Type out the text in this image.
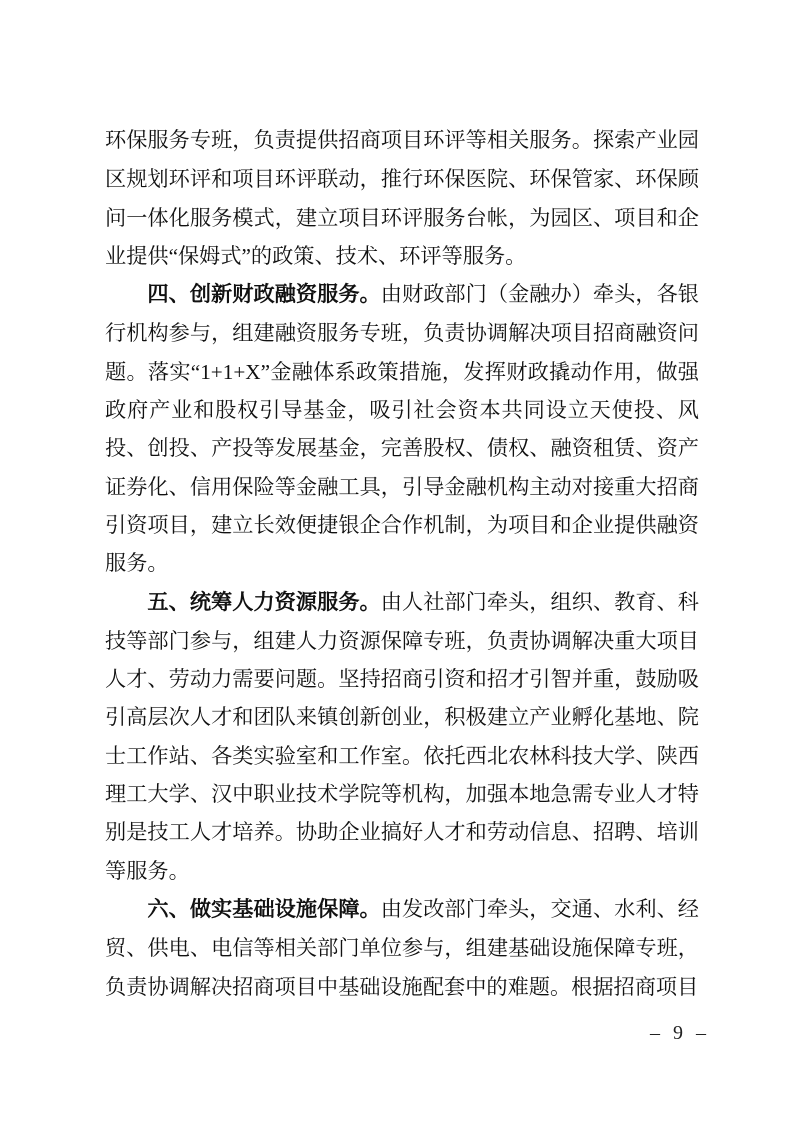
环保服务专班，负责提供招商项目环评等相关服务。探索产业园区规划环评和项目环评联动，推行环保医院、环保管家、环保顾问一体化服务模式，建立项目环评服务台帐，为园区、项目和企业提供“保姆式”的政策、技术、环评等服务。

四、创新财政融资服务。由财政部门（金融办）牵头，各银行机构参与，组建融资服务专班，负责协调解决项目招商融资问题。落实“1+1+X”金融体系政策措施，发挥财政撬动作用，做强政府产业和股权引导基金，吸引社会资本共同设立天使投、风投、创投、产投等发展基金，完善股权、债权、融资租赁、资产证券化、信用保险等金融工具，引导金融机构主动对接重大招商引资项目，建立长效便捷银企合作机制，为项目和企业提供融资服务。

五、统筹人力资源服务。由人社部门牵头，组织、教育、科技等部门参与，组建人力资源保障专班，负责协调解决重大项目人才、劳动力需要问题。坚持招商引资和招才引智并重，鼓励吸引高层次人才和团队来镇创新创业，积极建立产业孵化基地、院士工作站、各类实验室和工作室。依托西北农林科技大学、陕西理工大学、汉中职业技术学院等机构，加强本地急需专业人才特别是技工人才培养。协助企业搞好人才和劳动信息、招聘、培训等服务。

六、做实基础设施保障。由发改部门牵头，交通、水利、经贸、供电、电信等相关部门单位参与，组建基础设施保障专班，负责协调解决招商项目中基础设施配套中的难题。根据招商项目

– 9 –
